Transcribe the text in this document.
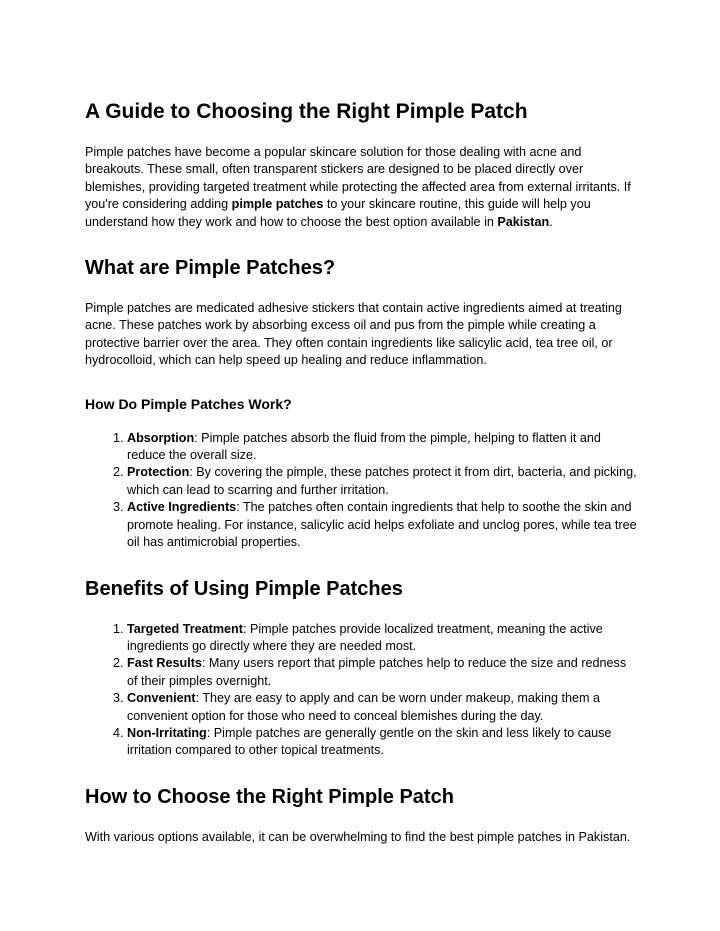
A Guide to Choosing the Right Pimple Patch

Pimple patches have become a popular skincare solution for those dealing with acne and breakouts. These small, often transparent stickers are designed to be placed directly over blemishes, providing targeted treatment while protecting the affected area from external irritants. If you're considering adding pimple patches to your skincare routine, this guide will help you understand how they work and how to choose the best option available in Pakistan.

What are Pimple Patches?

Pimple patches are medicated adhesive stickers that contain active ingredients aimed at treating acne. These patches work by absorbing excess oil and pus from the pimple while creating a protective barrier over the area. They often contain ingredients like salicylic acid, tea tree oil, or hydrocolloid, which can help speed up healing and reduce inflammation.

How Do Pimple Patches Work?
1. Absorption: Pimple patches absorb the fluid from the pimple, helping to flatten it and reduce the overall size.
2. Protection: By covering the pimple, these patches protect it from dirt, bacteria, and picking, which can lead to scarring and further irritation.
3. Active Ingredients: The patches often contain ingredients that help to soothe the skin and promote healing. For instance, salicylic acid helps exfoliate and unclog pores, while tea tree oil has antimicrobial properties.
Benefits of Using Pimple Patches
1. Targeted Treatment: Pimple patches provide localized treatment, meaning the active ingredients go directly where they are needed most.
2. Fast Results: Many users report that pimple patches help to reduce the size and redness of their pimples overnight.
3. Convenient: They are easy to apply and can be worn under makeup, making them a convenient option for those who need to conceal blemishes during the day.
4. Non-Irritating: Pimple patches are generally gentle on the skin and less likely to cause irritation compared to other topical treatments.
How to Choose the Right Pimple Patch

With various options available, it can be overwhelming to find the best pimple patches in Pakistan.
